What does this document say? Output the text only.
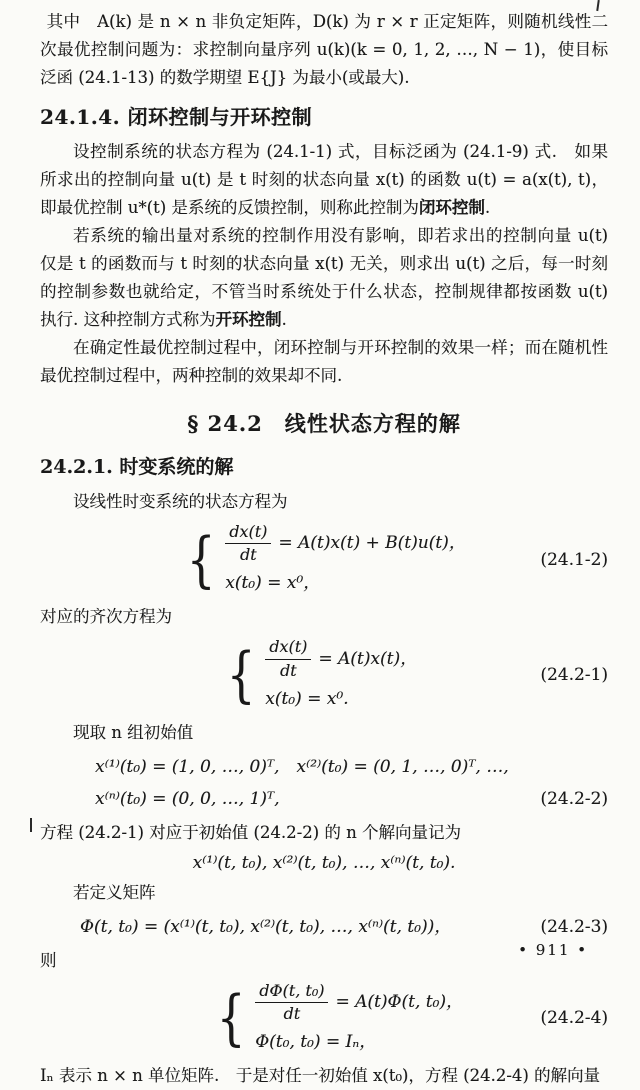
其中　A(k) 是 n × n 非负定矩阵，D(k) 为 r × r 正定矩阵，则随机线性二次最优控制问题为：求控制向量序列 u(k)(k = 0, 1, 2, …, N − 1)，使目标泛函 (24.1-13) 的数学期望 E{J} 为最小(或最大).

24.1.4. 闭环控制与开环控制

设控制系统的状态方程为 (24.1-1) 式，目标泛函为 (24.1-9) 式.　如果所求出的控制向量 u(t) 是 t 时刻的状态向量 x(t) 的函数 u(t) = a(x(t), t)，即最优控制 u*(t) 是系统的反馈控制，则称此控制为闭环控制.

若系统的输出量对系统的控制作用没有影响，即若求出的控制向量 u(t) 仅是 t 的函数而与 t 时刻的状态向量 x(t) 无关，则求出 u(t) 之后，每一时刻的控制参数也就给定，不管当时系统处于什么状态，控制规律都按函数 u(t) 执行. 这种控制方式称为开环控制.

在确定性最优控制过程中，闭环控制与开环控制的效果一样；而在随机性最优控制过程中，两种控制的效果却不同.

§ 24.2　线性状态方程的解
24.2.1. 时变系统的解

设线性时变系统的状态方程为

{ $\frac{dx(t)}{dt} = A(t)x(t) + B(t)u(t)$，
x(t₀) = x⁰，
(24.1-2)

对应的齐次方程为

{ $\frac{dx(t)}{dt} = A(t)x(t)$，
x(t₀) = x⁰.
(24.2-1)

现取 n 组初始值

x⁽¹⁾(t₀) = (1, 0, …, 0)ᵀ,　x⁽²⁾(t₀) = (0, 1, …, 0)ᵀ, …,
x⁽ⁿ⁾(t₀) = (0, 0, …, 1)ᵀ,	(24.2-2)

方程 (24.2-1) 对应于初始值 (24.2-2) 的 n 个解向量记为

x⁽¹⁾(t, t₀), x⁽²⁾(t, t₀), …, x⁽ⁿ⁾(t, t₀).

若定义矩阵

Φ(t, t₀) = (x⁽¹⁾(t, t₀), x⁽²⁾(t, t₀), …, x⁽ⁿ⁾(t, t₀))，	(24.2-3)

则

{ $\frac{\text{dΦ(t, t₀)}}{dt} = A(t)\Phi(t$, t₀)，
Φ(t₀, t₀) = Iₙ，
(24.2-4)

Iₙ 表示 n × n 单位矩阵.　于是对任一初始值 x(t₀)，方程 (24.2-4) 的解向量

• 911 •
